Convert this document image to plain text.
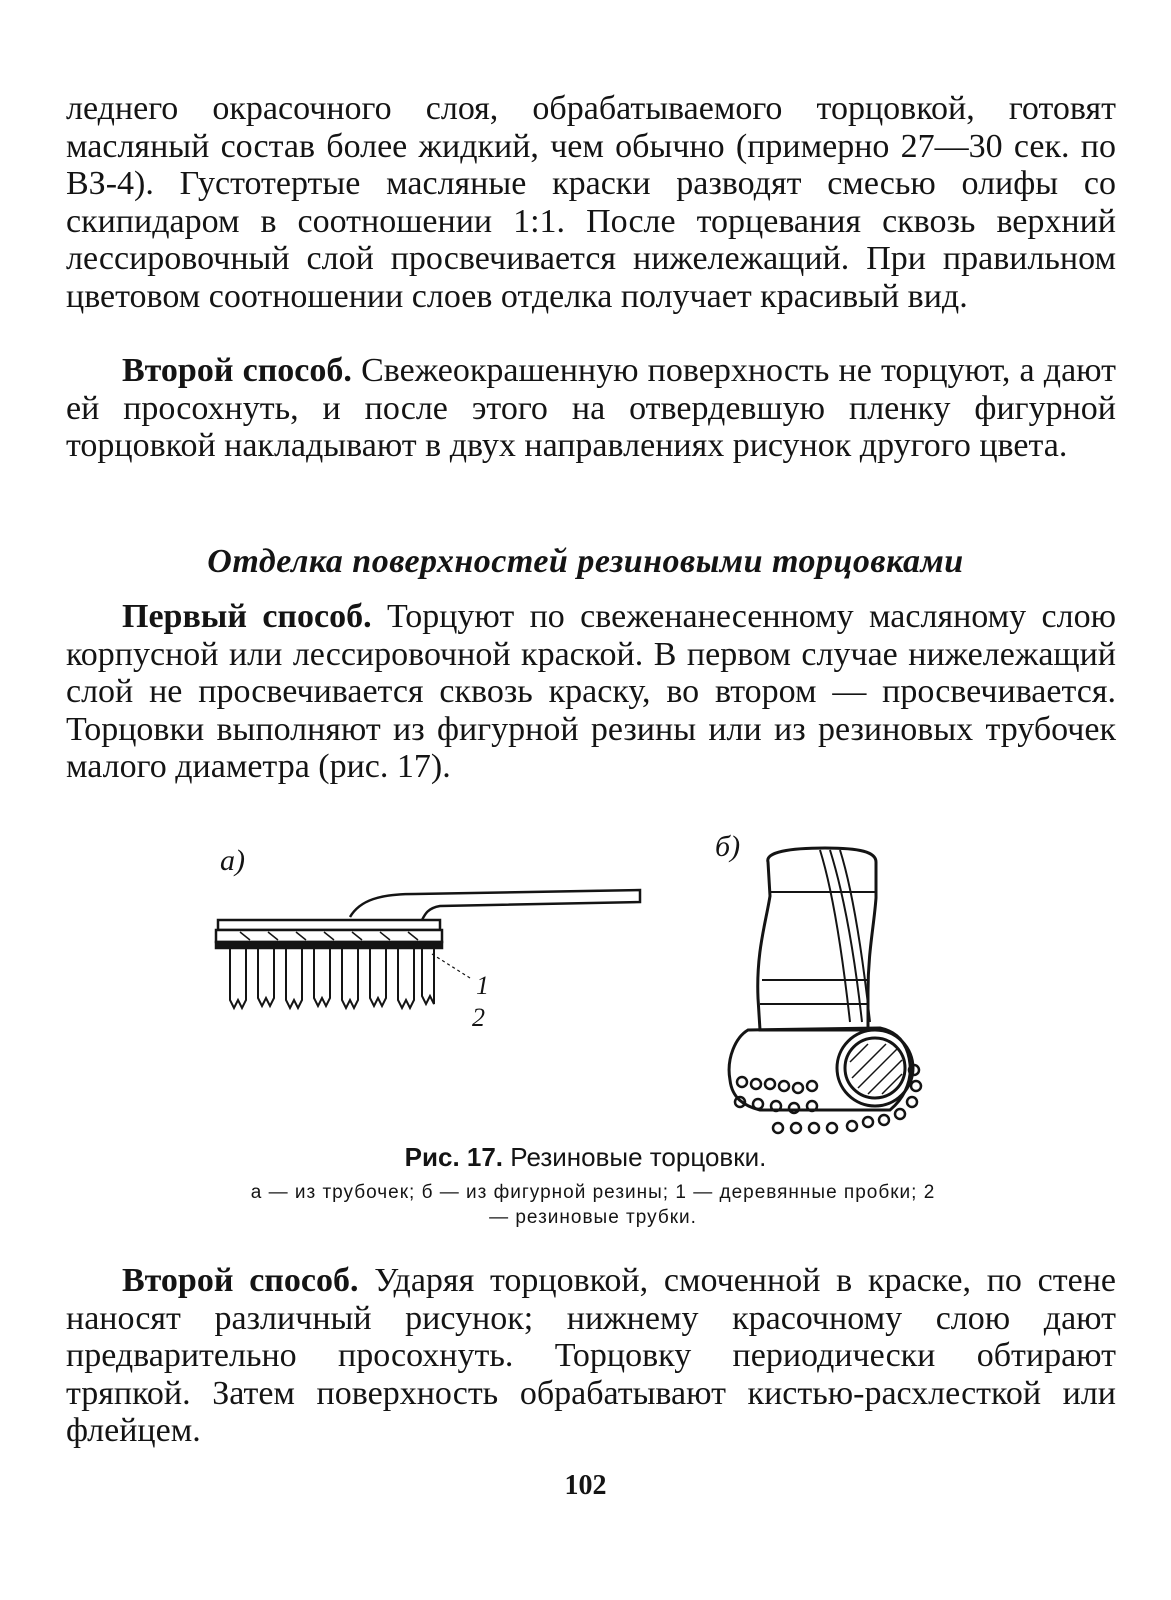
леднего окрасочного слоя, обрабатываемого торцовкой, готовят масляный состав более жидкий, чем обычно (примерно 27—30 сек. по ВЗ-4). Густотертые масляные краски разводят смесью олифы со скипидаром в соотношении 1:1. После торцевания сквозь верхний лессировочный слой просвечивается нижележащий. При правильном цветовом соотношении слоев отделка получает красивый вид.

Второй способ. Свежеокрашенную поверхность не торцуют, а дают ей просохнуть, и после этого на отвердевшую пленку фигурной торцовкой накладывают в двух направлениях рисунок другого цвета.

Отделка поверхностей резиновыми торцовками

Первый способ. Торцуют по свеженанесенному масляному слою корпусной или лессировочной краской. В первом случае нижележащий слой не просвечивается сквозь краску, во втором — просвечивается. Торцовки выполняют из фигурной резины или из резиновых трубочек малого диаметра (рис. 17).

а)	б)
1
2
Рис. 17. Резиновые торцовки.
а — из трубочек; б — из фигурной резины; 1 — деревянные пробки; 2 — резиновые трубки.

Второй способ. Ударяя торцовкой, смоченной в краске, по стене наносят различный рисунок; нижнему красочному слою дают предварительно просохнуть. Торцовку периодически обтирают тряпкой. Затем поверхность обрабатывают кистью-расхлесткой или флейцем.

102
